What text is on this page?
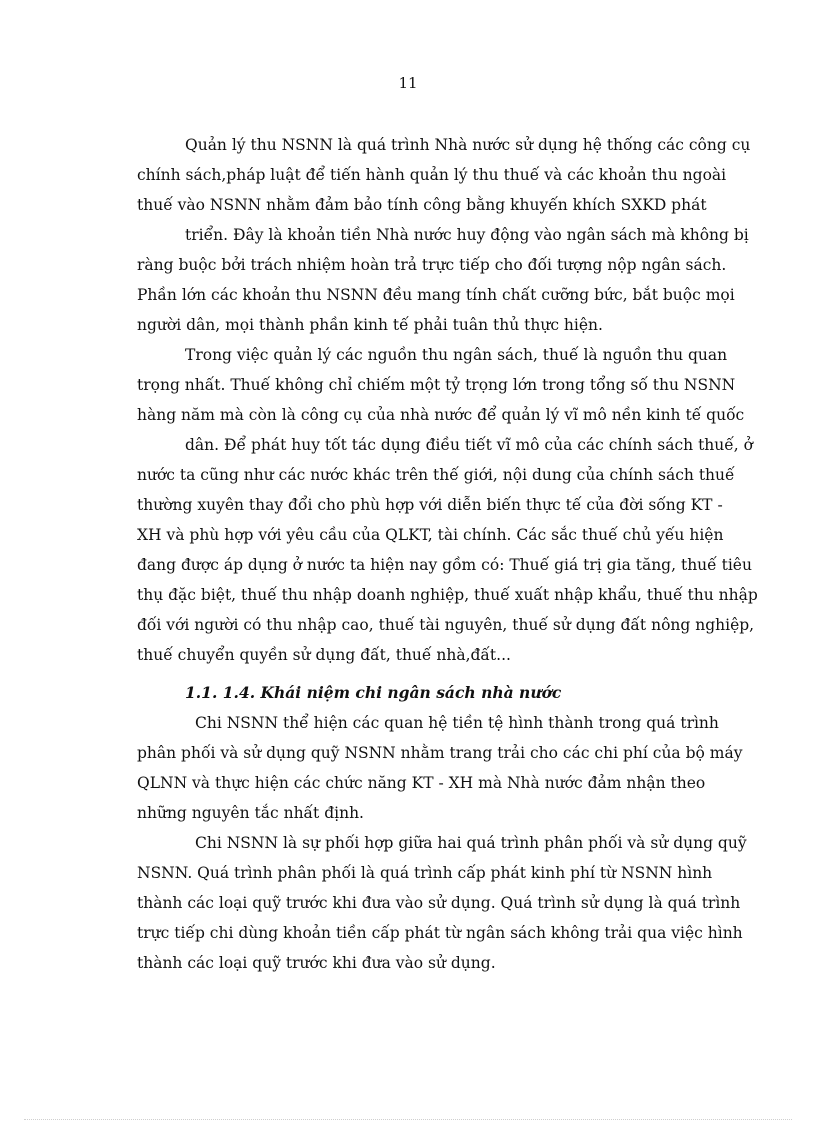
11
Quản lý thu NSNN là quá trình Nhà nước sử dụng hệ thống các công cụ
chính sách,pháp luật để tiến hành quản lý thu thuế và các khoản thu ngoài
thuế vào NSNN nhằm đảm bảo tính công bằng khuyến khích SXKD phát
triển. Đây là khoản tiền Nhà nước huy động vào ngân sách mà không bị
ràng buộc bởi trách nhiệm hoàn trả trực tiếp cho đối tượng nộp ngân sách.
Phần lớn các khoản thu NSNN đều mang tính chất cưỡng bức, bắt buộc mọi
người dân, mọi thành phần kinh tế phải tuân thủ thực hiện.
Trong việc quản lý các nguồn thu ngân sách, thuế là nguồn thu quan
trọng nhất. Thuế không chỉ chiếm một tỷ trọng lớn trong tổng số thu NSNN
hàng năm mà còn là công cụ của nhà nước để quản lý vĩ mô nền kinh tế quốc
dân. Để phát huy tốt tác dụng điều tiết vĩ mô của các chính sách thuế, ở
nước ta cũng như các nước khác trên thế giới, nội dung của chính sách thuế
thường xuyên thay đổi cho phù hợp với diễn biến thực tế của đời sống KT -
XH và phù hợp với yêu cầu của QLKT, tài chính. Các sắc thuế chủ yếu hiện
đang được áp dụng ở nước ta hiện nay gồm có: Thuế giá trị gia tăng, thuế tiêu
thụ đặc biệt, thuế thu nhập doanh nghiệp, thuế xuất nhập khẩu, thuế thu nhập
đối với người có thu nhập cao, thuế tài nguyên, thuế sử dụng đất nông nghiệp,
thuế chuyển quyền sử dụng đất, thuế nhà,đất...
1.1. 1.4. Khái niệm chi ngân sách nhà nước
Chi NSNN thể hiện các quan hệ tiền tệ hình thành trong quá trình
phân phối và sử dụng quỹ NSNN nhằm trang trải cho các chi phí của bộ máy
QLNN và thực hiện các chức năng KT - XH mà Nhà nước đảm nhận theo
những nguyên tắc nhất định.
Chi NSNN là sự phối hợp giữa hai quá trình phân phối và sử dụng quỹ
NSNN. Quá trình phân phối là quá trình cấp phát kinh phí từ NSNN hình
thành các loại quỹ trước khi đưa vào sử dụng. Quá trình sử dụng là quá trình
trực tiếp chi dùng khoản tiền cấp phát từ ngân sách không trải qua việc hình
thành các loại quỹ trước khi đưa vào sử dụng.
